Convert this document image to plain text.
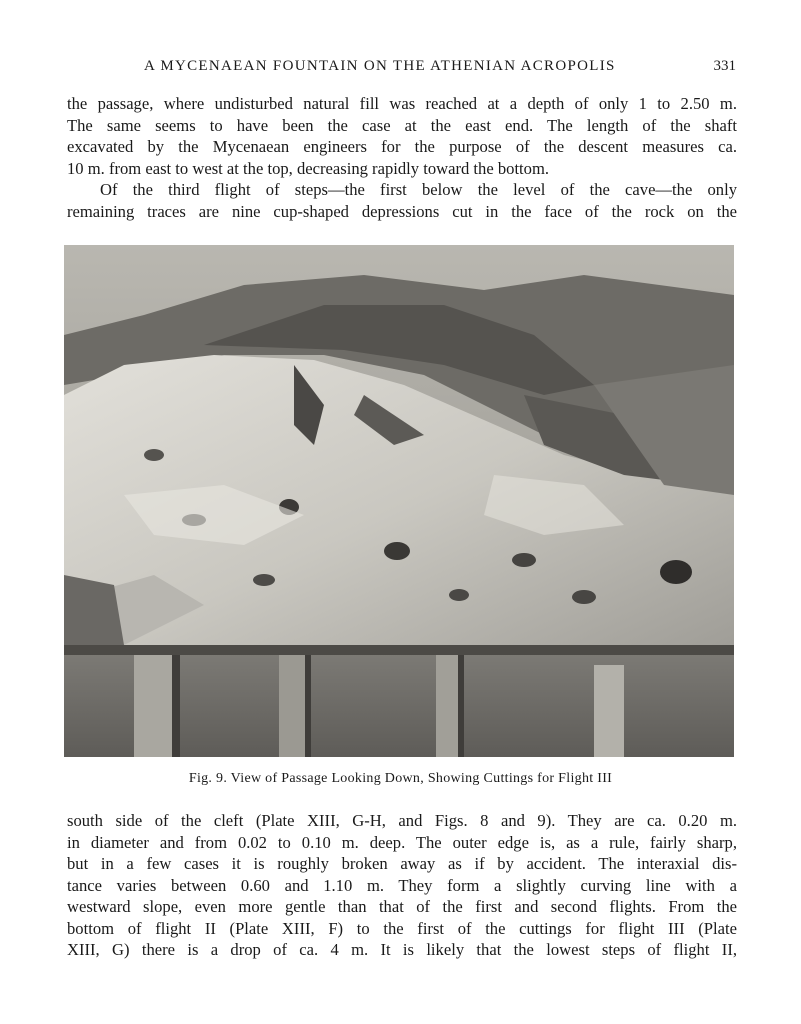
A MYCENAEAN FOUNTAIN ON THE ATHENIAN ACROPOLIS	331
the passage, where undisturbed natural fill was reached at a depth of only 1 to 2.50 m.
The same seems to have been the case at the east end. The length of the shaft
excavated by the Mycenaean engineers for the purpose of the descent measures ca.
10 m. from east to west at the top, decreasing rapidly toward the bottom.
Of the third flight of steps—the first below the level of the cave—the only
remaining traces are nine cup-shaped depressions cut in the face of the rock on the
Fig. 9. View of Passage Looking Down, Showing Cuttings for Flight III
south side of the cleft (Plate XIII, G-H, and Figs. 8 and 9). They are ca. 0.20 m.
in diameter and from 0.02 to 0.10 m. deep. The outer edge is, as a rule, fairly sharp,
but in a few cases it is roughly broken away as if by accident. The interaxial dis-
tance varies between 0.60 and 1.10 m. They form a slightly curving line with a
westward slope, even more gentle than that of the first and second flights. From the
bottom of flight II (Plate XIII, F) to the first of the cuttings for flight III (Plate
XIII, G) there is a drop of ca. 4 m. It is likely that the lowest steps of flight II,
